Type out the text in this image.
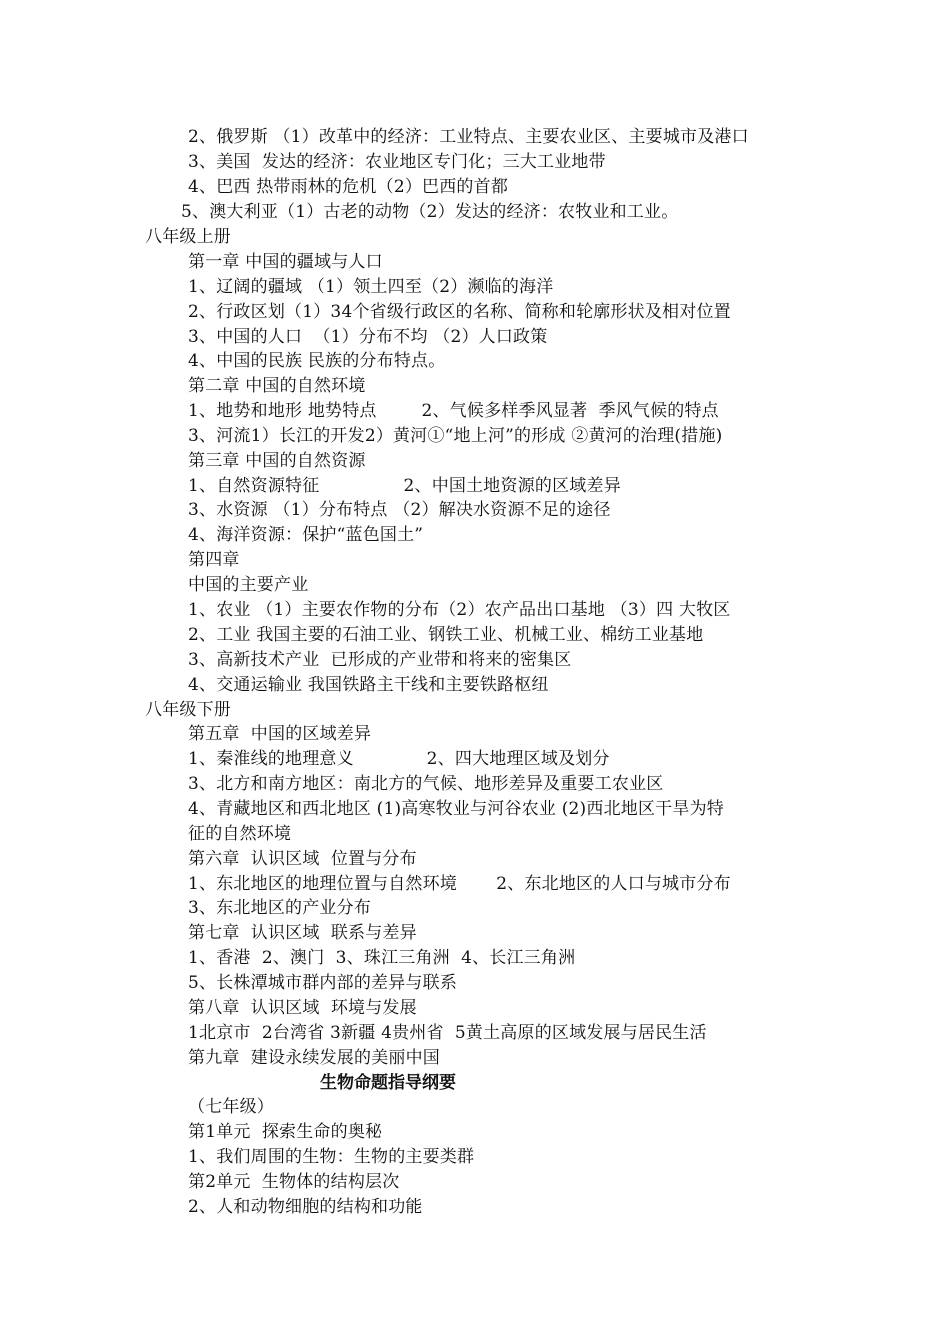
2、俄罗斯 （1）改革中的经济：工业特点、主要农业区、主要城市及港口
3、美国  发达的经济：农业地区专门化；三大工业地带
4、巴西 热带雨林的危机（2）巴西的首都
5、澳大利亚（1）古老的动物（2）发达的经济：农牧业和工业。
八年级上册
第一章 中国的疆域与人口
1、辽阔的疆域 （1）领土四至（2）濒临的海洋
2、行政区划（1）34个省级行政区的名称、简称和轮廓形状及相对位置
3、中国的人口  （1）分布不均 （2）人口政策
4、中国的民族 民族的分布特点。
第二章 中国的自然环境
1、地势和地形 地势特点        2、气候多样季风显著  季风气候的特点
3、河流1）长江的开发2）黄河①“地上河”的形成 ②黄河的治理(措施)
第三章 中国的自然资源
1、自然资源特征               2、中国土地资源的区域差异
3、水资源 （1）分布特点 （2）解决水资源不足的途径
4、海洋资源：保护“蓝色国土”
第四章
中国的主要产业
1、农业 （1）主要农作物的分布（2）农产品出口基地 （3）四 大牧区
2、工业 我国主要的石油工业、钢铁工业、机械工业、棉纺工业基地
3、高新技术产业  已形成的产业带和将来的密集区
4、交通运输业 我国铁路主干线和主要铁路枢纽
八年级下册
第五章  中国的区域差异
1、秦淮线的地理意义             2、四大地理区域及划分
3、北方和南方地区：南北方的气候、地形差异及重要工农业区
4、青藏地区和西北地区 (1)高寒牧业与河谷农业 (2)西北地区干旱为特
征的自然环境
第六章  认识区域  位置与分布
1、东北地区的地理位置与自然环境       2、东北地区的人口与城市分布
3、东北地区的产业分布
第七章  认识区域  联系与差异
1、香港  2、澳门  3、珠江三角洲  4、长江三角洲
5、长株潭城市群内部的差异与联系
第八章  认识区域  环境与发展
1北京市  2台湾省 3新疆 4贵州省  5黄土高原的区域发展与居民生活
第九章  建设永续发展的美丽中国
生物命题指导纲要
（七年级）
第1单元  探索生命的奥秘
1、我们周围的生物：生物的主要类群
第2单元  生物体的结构层次
2、人和动物细胞的结构和功能
